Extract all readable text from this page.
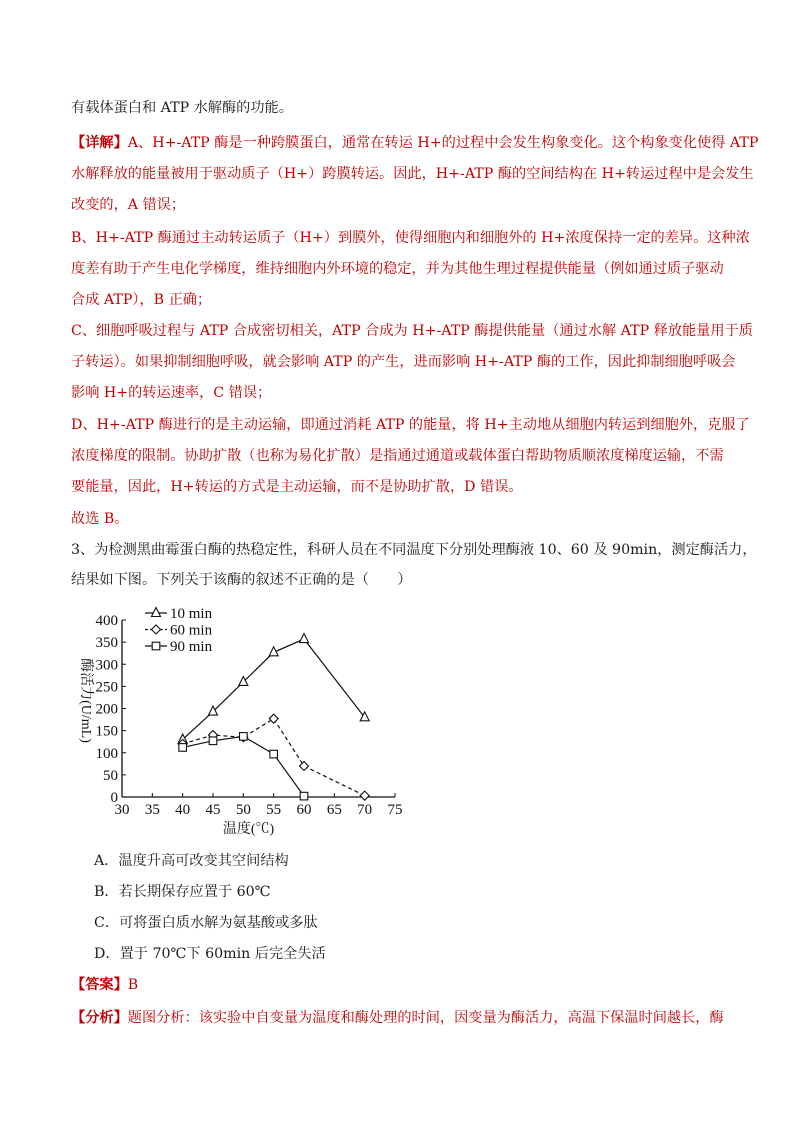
有载体蛋白和 ATP 水解酶的功能。
【详解】A、H+-ATP 酶是一种跨膜蛋白，通常在转运 H+的过程中会发生构象变化。这个构象变化使得 ATP
水解释放的能量被用于驱动质子（H+）跨膜转运。因此，H+-ATP 酶的空间结构在 H+转运过程中是会发生
改变的，A 错误；
B、H+-ATP 酶通过主动转运质子（H+）到膜外，使得细胞内和细胞外的 H+浓度保持一定的差异。这种浓
度差有助于产生电化学梯度，维持细胞内外环境的稳定，并为其他生理过程提供能量（例如通过质子驱动
合成 ATP），B 正确；
C、细胞呼吸过程与 ATP 合成密切相关，ATP 合成为 H+-ATP 酶提供能量（通过水解 ATP 释放能量用于质
子转运）。如果抑制细胞呼吸，就会影响 ATP 的产生，进而影响 H+-ATP 酶的工作，因此抑制细胞呼吸会
影响 H+的转运速率，C 错误；
D、H+-ATP 酶进行的是主动运输，即通过消耗 ATP 的能量，将 H+主动地从细胞内转运到细胞外，克服了
浓度梯度的限制。协助扩散（也称为易化扩散）是指通过通道或载体蛋白帮助物质顺浓度梯度运输，不需
要能量，因此，H+转运的方式是主动运输，而不是协助扩散，D 错误。
故选 B。
3、为检测黑曲霉蛋白酶的热稳定性，科研人员在不同温度下分别处理酶液 10、60 及 90min，测定酶活力，
结果如下图。下列关于该酶的叙述不正确的是（　　）
30 35 40 45 50 55 60 65 70 75
0
50
100
150
200
250
300
350
400
温度(℃)
酶活力(U/mL)
10 min
60 min
90 min
A．温度升高可改变其空间结构
B．若长期保存应置于 60℃
C．可将蛋白质水解为氨基酸或多肽
D．置于 70℃下 60min 后完全失活
【答案】B
【分析】题图分析：该实验中自变量为温度和酶处理的时间，因变量为酶活力，高温下保温时间越长，酶
